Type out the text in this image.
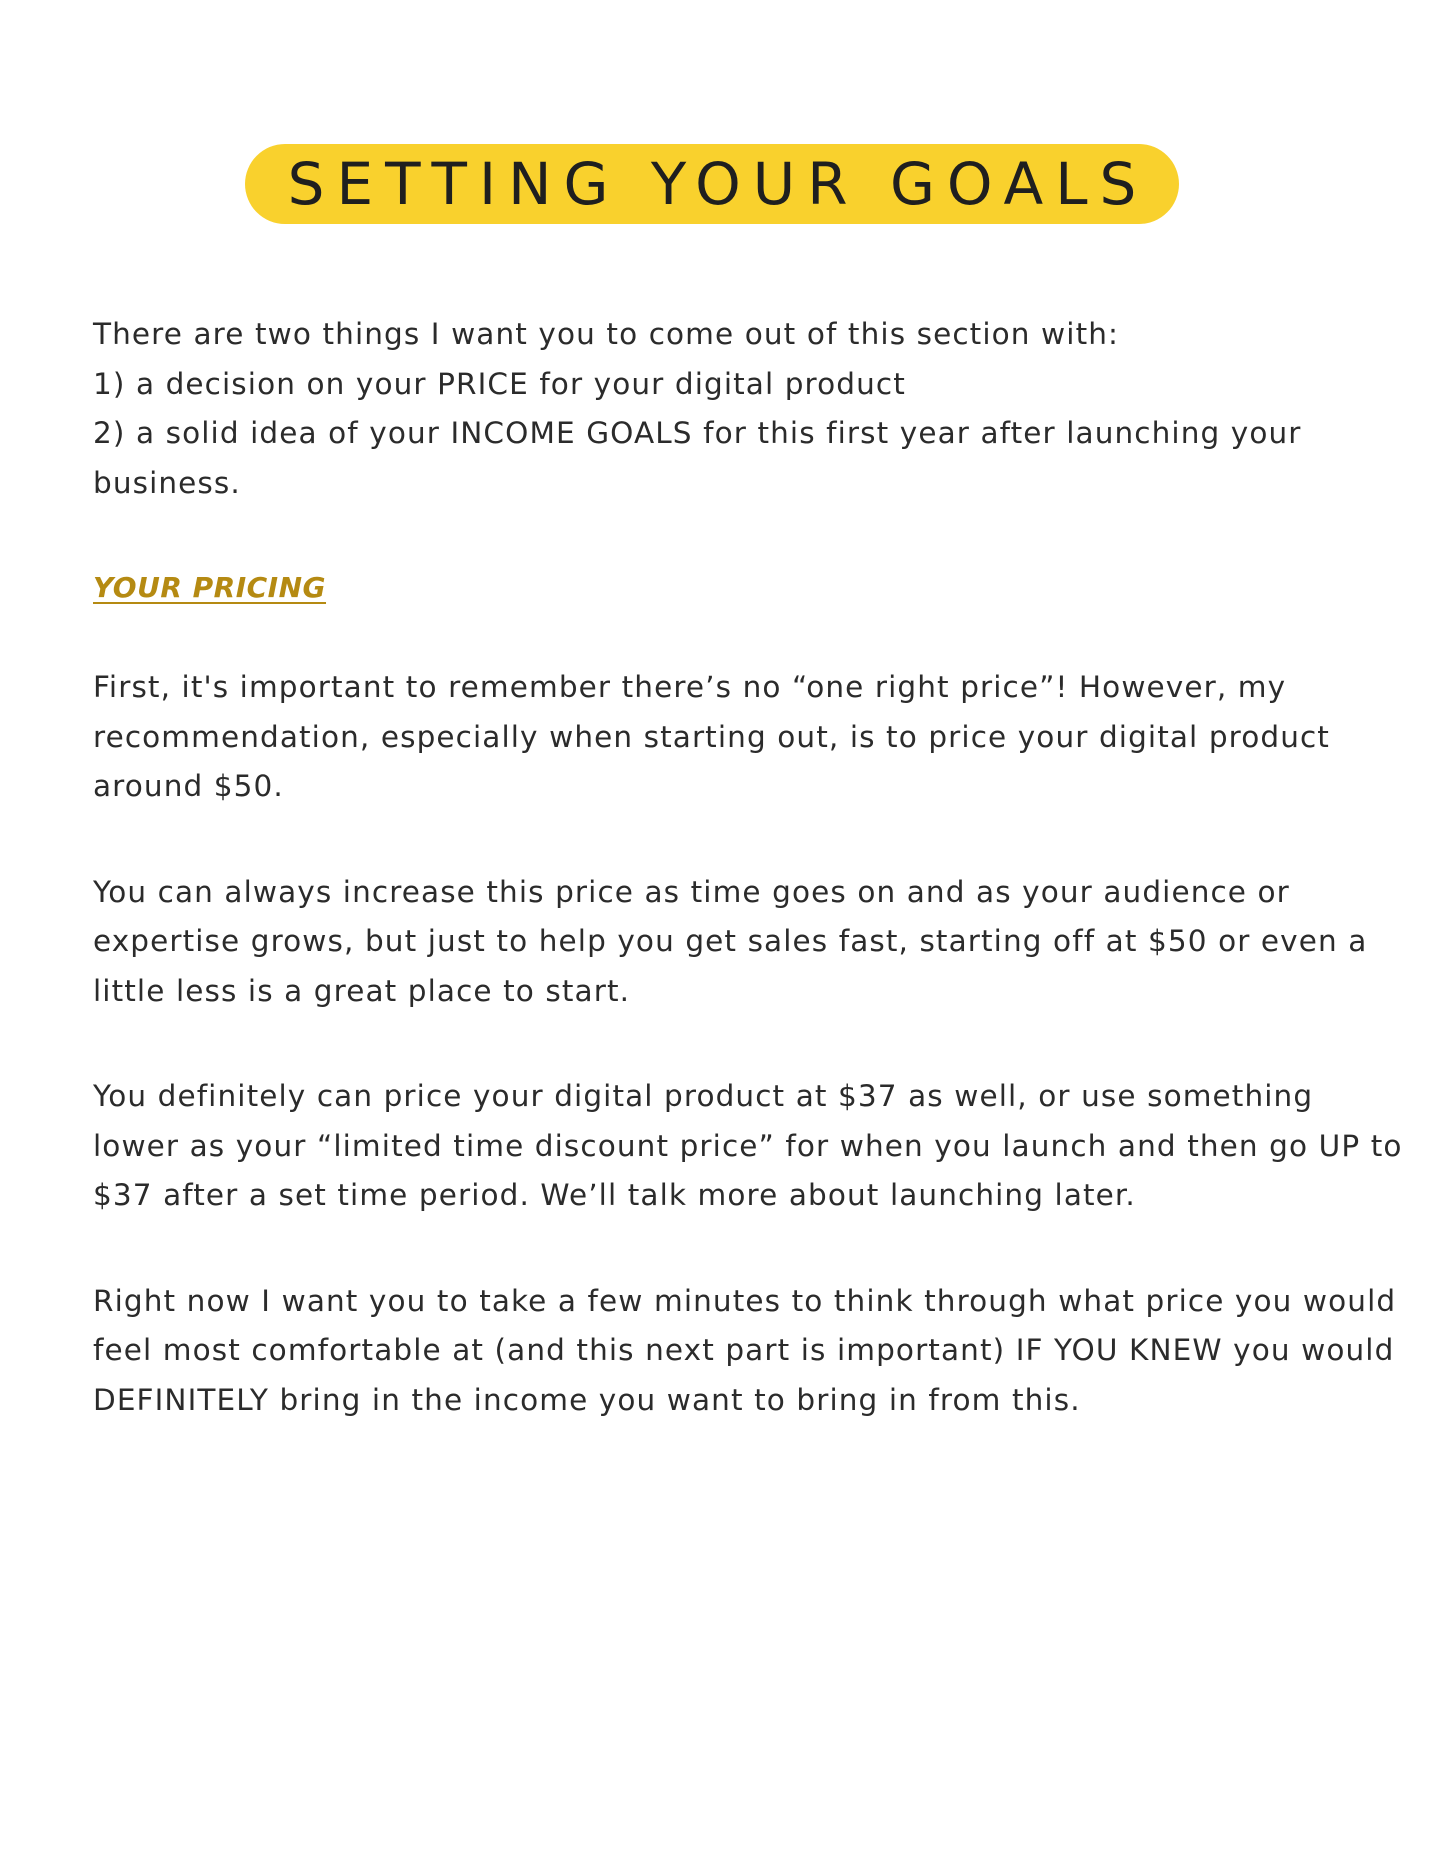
SETTING YOUR GOALS

There are two things I want you to come out of this section with:
1) a decision on your PRICE for your digital product
2) a solid idea of your INCOME GOALS for this first year after launching your
business.

YOUR PRICING

First, it's important to remember there’s no “one right price”! However, my
recommendation, especially when starting out, is to price your digital product
around $50.

You can always increase this price as time goes on and as your audience or
expertise grows, but just to help you get sales fast, starting off at $50 or even a
little less is a great place to start.

You definitely can price your digital product at $37 as well, or use something
lower as your “limited time discount price” for when you launch and then go UP to
$37 after a set time period. We’ll talk more about launching later.

Right now I want you to take a few minutes to think through what price you would
feel most comfortable at (and this next part is important) IF YOU KNEW you would
DEFINITELY bring in the income you want to bring in from this.
